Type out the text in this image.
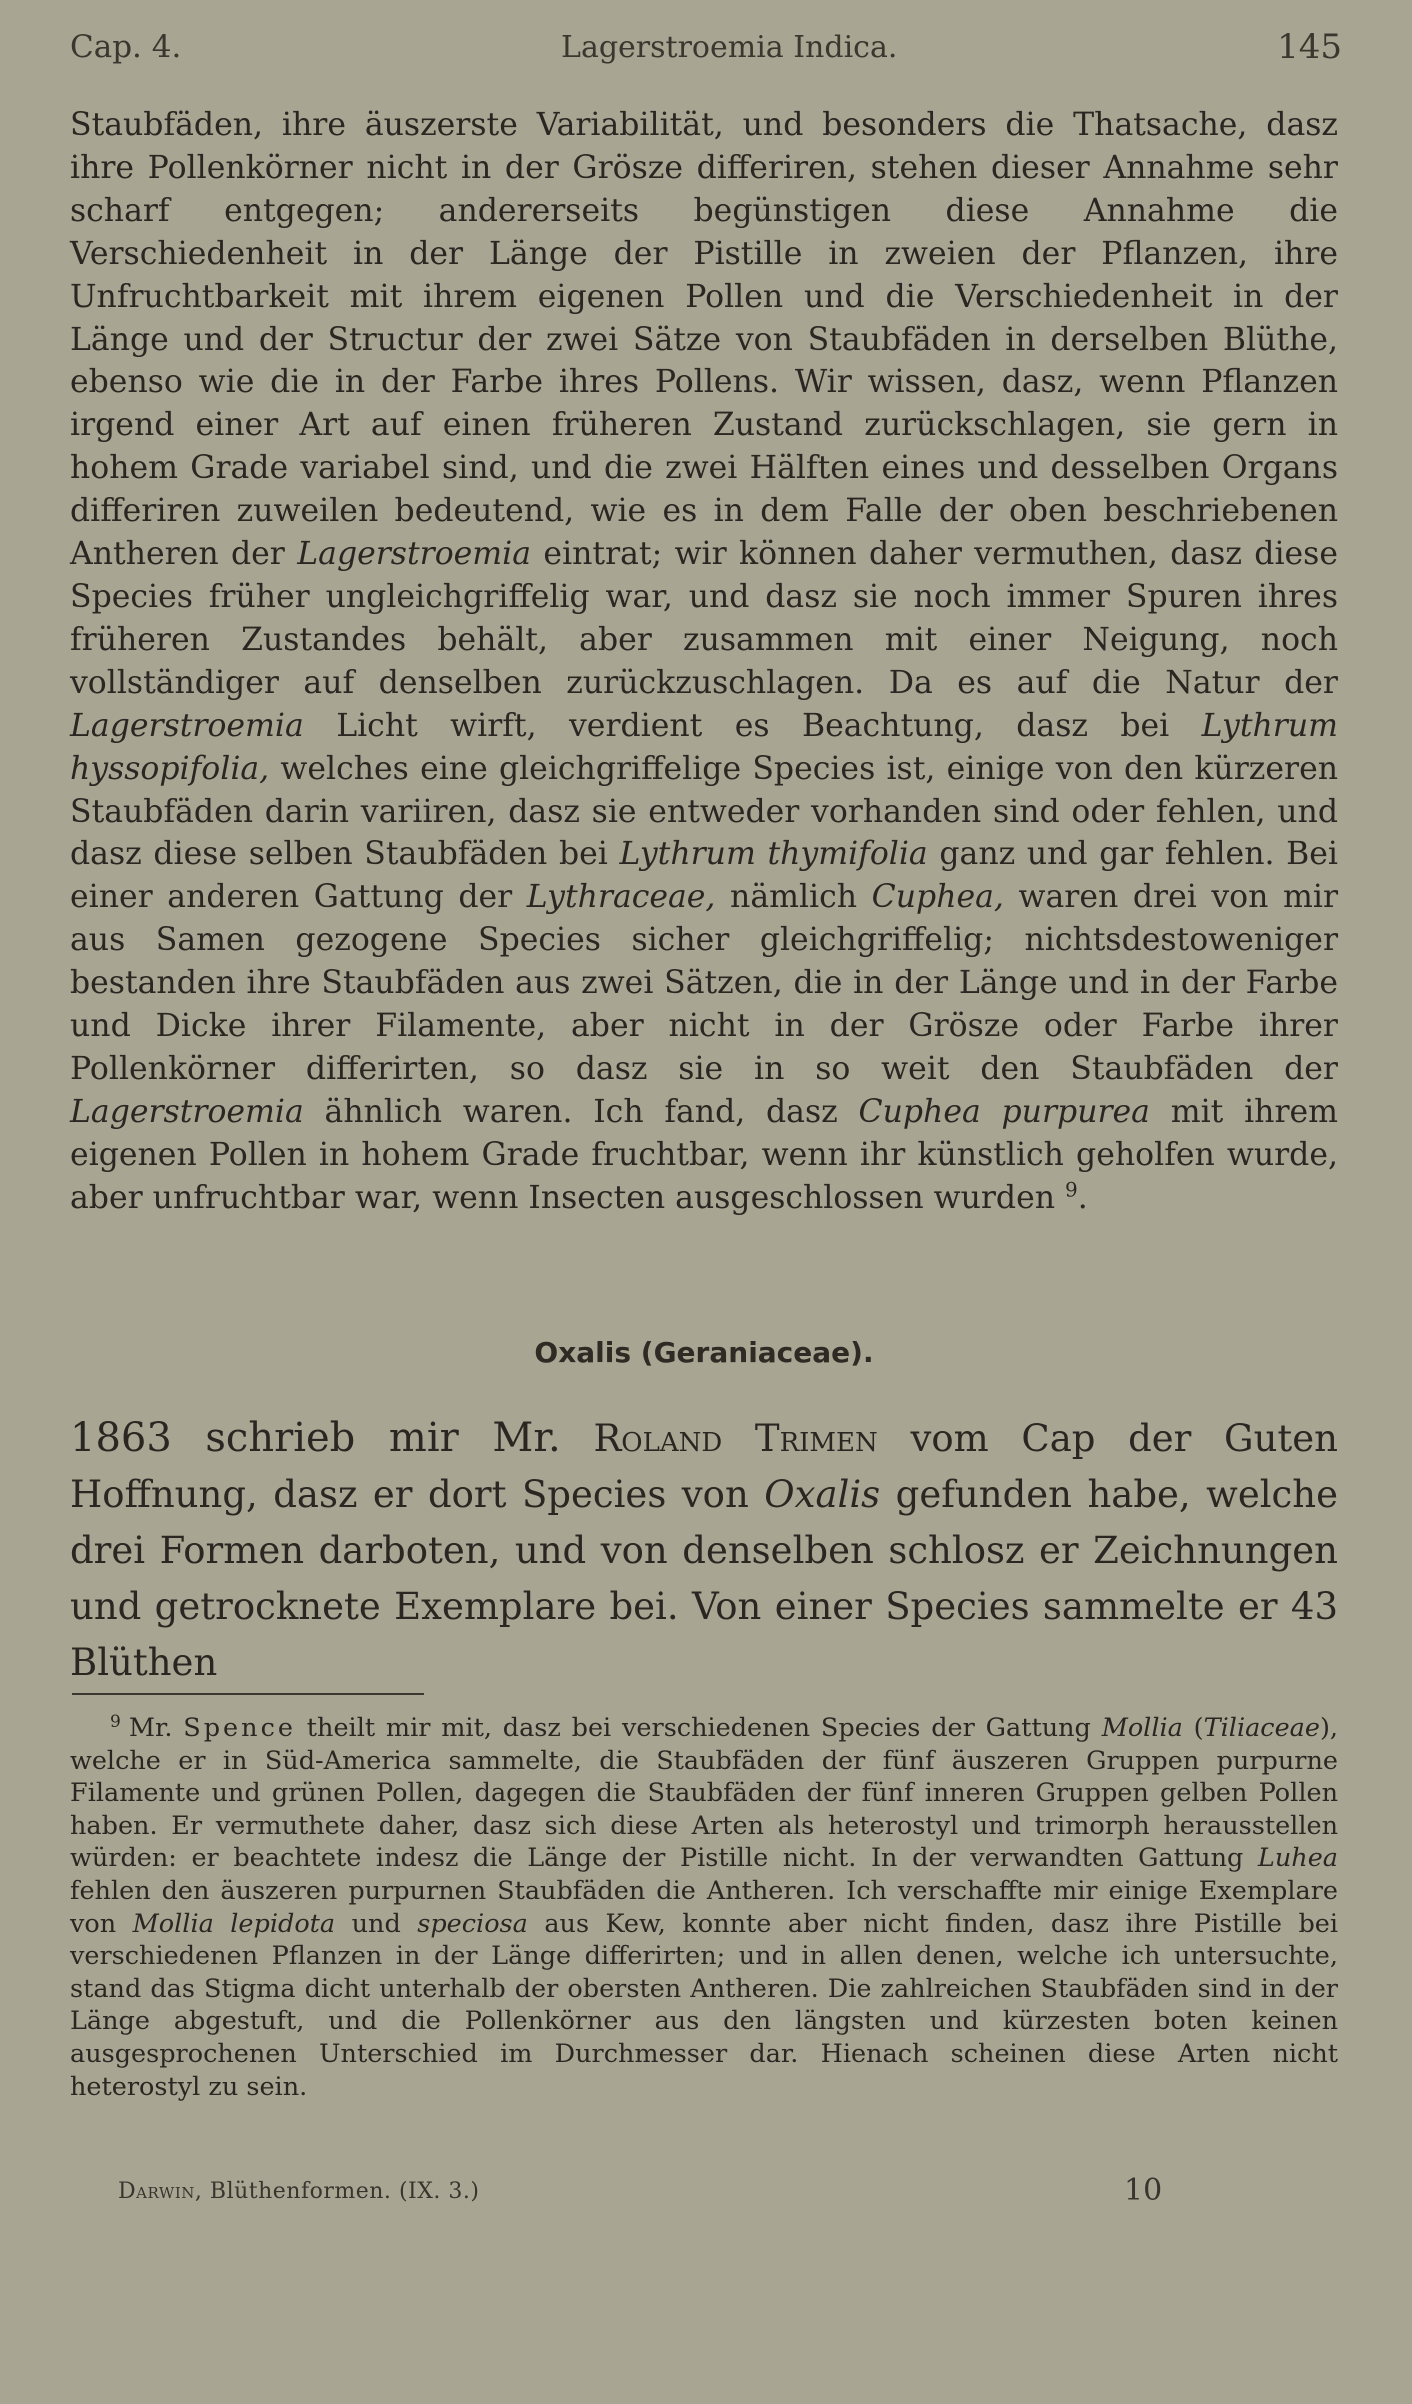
Cap. 4.	Lagerstroemia Indica.	145

Staubfäden, ihre äuszerste Variabilität, und besonders die Thatsache, dasz ihre Pollenkörner nicht in der Grösze differiren, stehen dieser Annahme sehr scharf entgegen; andererseits begünstigen diese Annahme die Verschiedenheit in der Länge der Pistille in zweien der Pflanzen, ihre Unfruchtbarkeit mit ihrem eigenen Pollen und die Verschiedenheit in der Länge und der Structur der zwei Sätze von Staubfäden in derselben Blüthe, ebenso wie die in der Farbe ihres Pollens. Wir wissen, dasz, wenn Pflanzen irgend einer Art auf einen früheren Zustand zurückschlagen, sie gern in hohem Grade variabel sind, und die zwei Hälften eines und desselben Organs differiren zuweilen bedeutend, wie es in dem Falle der oben beschriebenen Antheren der Lagerstroemia eintrat; wir können daher vermuthen, dasz diese Species früher ungleichgriffelig war, und dasz sie noch immer Spuren ihres früheren Zustandes behält, aber zusammen mit einer Neigung, noch vollständiger auf denselben zurückzuschlagen. Da es auf die Natur der Lagerstroemia Licht wirft, verdient es Beachtung, dasz bei Lythrum hyssopifolia, welches eine gleichgriffelige Species ist, einige von den kürzeren Staubfäden darin variiren, dasz sie entweder vorhanden sind oder fehlen, und dasz diese selben Staubfäden bei Lythrum thymifolia ganz und gar fehlen. Bei einer anderen Gattung der Lythraceae, nämlich Cuphea, waren drei von mir aus Samen gezogene Species sicher gleichgriffelig; nichtsdestoweniger bestanden ihre Staubfäden aus zwei Sätzen, die in der Länge und in der Farbe und Dicke ihrer Filamente, aber nicht in der Grösze oder Farbe ihrer Pollenkörner differirten, so dasz sie in so weit den Staubfäden der Lagerstroemia ähnlich waren. Ich fand, dasz Cuphea purpurea mit ihrem eigenen Pollen in hohem Grade fruchtbar, wenn ihr künstlich geholfen wurde, aber unfruchtbar war, wenn Insecten ausgeschlossen wurden $^9$.

Oxalis (Geraniaceae).
1863 schrieb mir Mr. Roland Trimen vom Cap der Guten Hoffnung, dasz er dort Species von Oxalis gefunden habe, welche drei Formen darboten, und von denselben schlosz er Zeichnungen und getrocknete Exemplare bei. Von einer Species sammelte er 43 Blüthen
$^9$ Mr. Spence theilt mir mit, dasz bei verschiedenen Species der Gattung Mollia (Tiliaceae), welche er in Süd-America sammelte, die Staubfäden der fünf äuszeren Gruppen purpurne Filamente und grünen Pollen, dagegen die Staubfäden der fünf inneren Gruppen gelben Pollen haben. Er vermuthete daher, dasz sich diese Arten als heterostyl und trimorph herausstellen würden: er beachtete indesz die Länge der Pistille nicht. In der verwandten Gattung Luhea fehlen den äuszeren purpurnen Staubfäden die Antheren. Ich verschaffte mir einige Exemplare von Mollia lepidota und speciosa aus Kew, konnte aber nicht finden, dasz ihre Pistille bei verschiedenen Pflanzen in der Länge differirten; und in allen denen, welche ich untersuchte, stand das Stigma dicht unterhalb der obersten Antheren. Die zahlreichen Staubfäden sind in der Länge abgestuft, und die Pollenkörner aus den längsten und kürzesten boten keinen ausgesprochenen Unterschied im Durchmesser dar. Hienach scheinen diese Arten nicht heterostyl zu sein.
Darwin, Blüthenformen. (IX. 3.)	10
